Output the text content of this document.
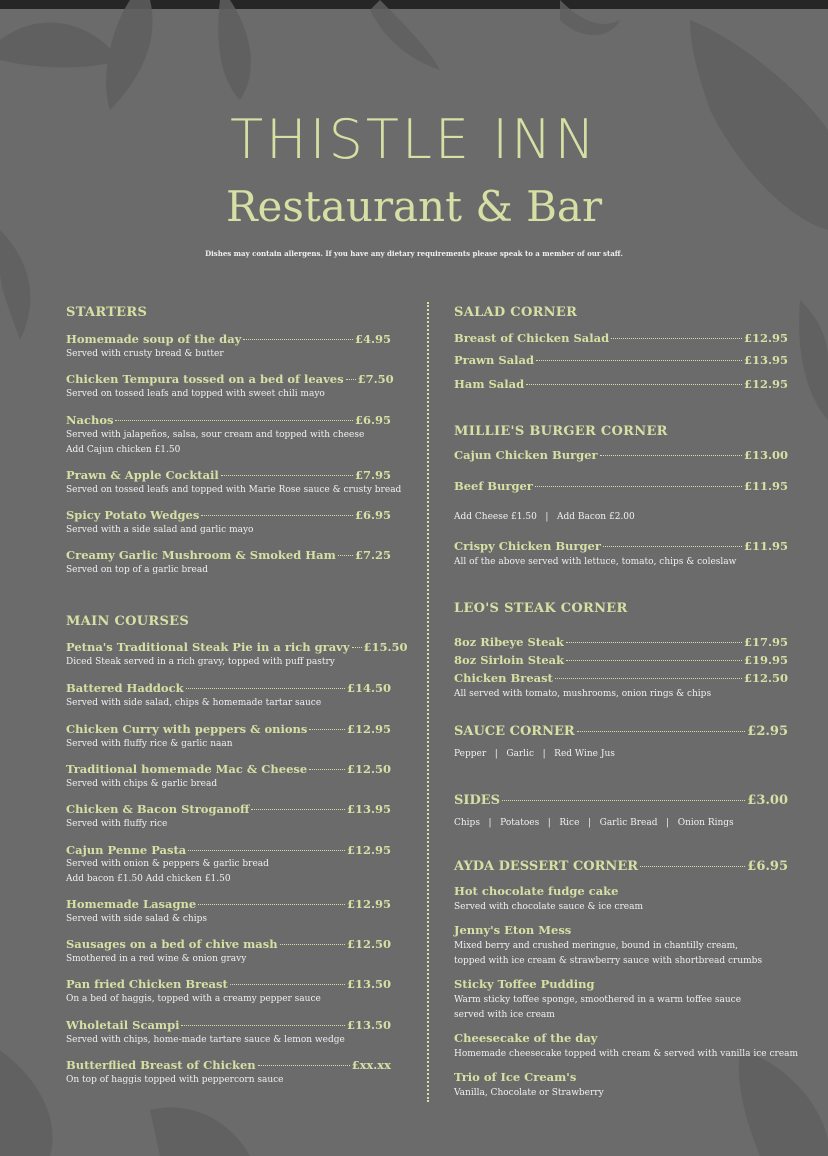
THISTLE INN
Restaurant & Bar
Dishes may contain allergens. If you have any dietary requirements please speak to a member of our staff.
STARTERS
Homemade soup of the day	£4.95
Served with crusty bread & butter
Chicken Tempura tossed on a bed of leaves £7.50
Served on tossed leafs and topped with sweet chili mayo
Nachos	£6.95
Served with jalapeños, salsa, sour cream and topped with cheese
Add Cajun chicken £1.50
Prawn & Apple Cocktail	£7.95
Served on tossed leafs and topped with Marie Rose sauce & crusty bread
Spicy Potato Wedges	£6.95
Served with a side salad and garlic mayo
Creamy Garlic Mushroom & Smoked Ham £7.25
Served on top of a garlic bread
MAIN COURSES
Petna's Traditional Steak Pie in a rich gravy £15.50
Diced Steak served in a rich gravy, topped with puff pastry
Battered Haddock	£14.50
Served with side salad, chips & homemade tartar sauce
Chicken Curry with peppers & onions	£12.95
Served with fluffy rice & garlic naan
Traditional homemade Mac & Cheese	£12.50
Served with chips & garlic bread
Chicken & Bacon Stroganoff	£13.95
Served with fluffy rice
Cajun Penne Pasta	£12.95
Served with onion & peppers & garlic bread
Add bacon £1.50 Add chicken £1.50
Homemade Lasagne	£12.95
Served with side salad & chips
Sausages on a bed of chive mash	£12.50
Smothered in a red wine & onion gravy
Pan fried Chicken Breast	£13.50
On a bed of haggis, topped with a creamy pepper sauce
Wholetail Scampi	£13.50
Served with chips, home-made tartare sauce & lemon wedge
Butterflied Breast of Chicken	£xx.xx
On top of haggis topped with peppercorn sauce
SALAD CORNER
Breast of Chicken Salad	£12.95
Prawn Salad	£13.95
Ham Salad	£12.95
MILLIE'S BURGER CORNER
Cajun Chicken Burger	£13.00
Beef Burger	£11.95
Add Cheese £1.50   |   Add Bacon £2.00
Crispy Chicken Burger	£11.95
All of the above served with lettuce, tomato, chips & coleslaw
LEO'S STEAK CORNER
8oz Ribeye Steak	£17.95
8oz Sirloin Steak	£19.95
Chicken Breast	£12.50
All served with tomato, mushrooms, onion rings & chips
SAUCE CORNER	£2.95
Pepper   |   Garlic   |   Red Wine Jus
SIDES	£3.00
Chips   |   Potatoes   |   Rice   |   Garlic Bread   |   Onion Rings
AYDA DESSERT CORNER	£6.95
Hot chocolate fudge cake
Served with chocolate sauce & ice cream
Jenny's Eton Mess
Mixed berry and crushed meringue, bound in chantilly cream,
topped with ice cream & strawberry sauce with shortbread crumbs
Sticky Toffee Pudding
Warm sticky toffee sponge, smoothered in a warm toffee sauce
served with ice cream
Cheesecake of the day
Homemade cheesecake topped with cream & served with vanilla ice cream
Trio of Ice Cream's
Vanilla, Chocolate or Strawberry
